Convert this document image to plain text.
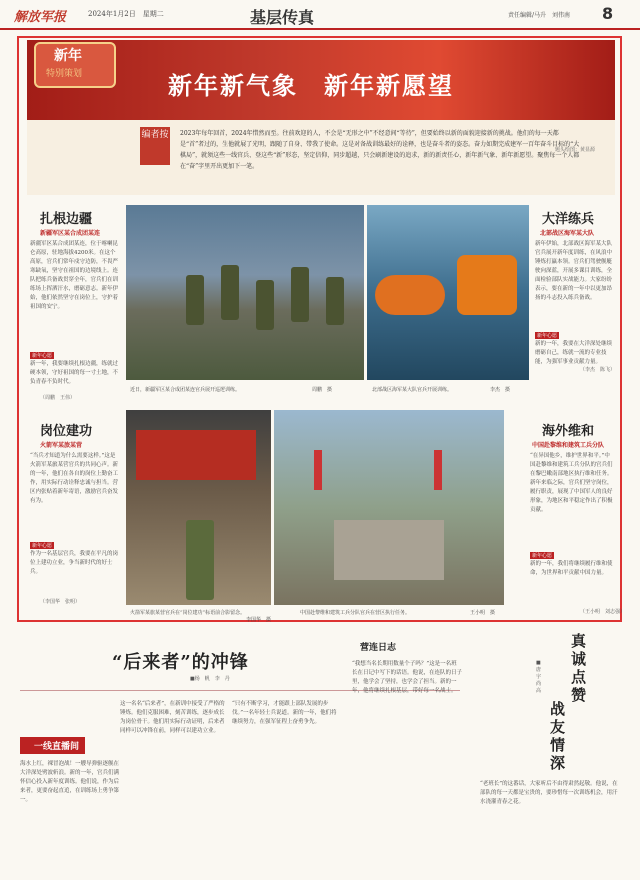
解放军报	2024年1月2日　星期二	基层传真	责任编辑/马升　刘伟南 8
新年
特别策划	新年新气象　新年新愿望
编者按 2023年每年回首，2024年惜然而至。往前欢迎的人，不会是“无形之中”不经意间“等待”，但要始终以新的面貌迎接新的挑战。他们的每一天都是“首”者过的，生他就展了光明，跟随了自身、带我了使命。这是对备战训练最好的诠释，也是奋斗者的姿态。奋力如期完成建军一百年奋斗目标的“大棋局”，就须这些一线官兵、登这些“新”形态，坚定信仰，同步超越，只会刷新建设的追求，新的新责任心，新年新气象、新年新愿望。聚焦每一个人都在“奋”字里开出更加下一笔。
题头绘图：黄显源
扎根边疆
新疆军区某合成团某连
新疆军区某合成团某连，位于喀喇昆仑高原，驻地海拔4200米。在这个高原，官兵们常年戍守边防，不畏严寒缺氧，坚守在祖国的边境线上。连队把练兵备战贯穿全年，官兵们在训练场上挥洒汗水，磨砺意志。新年伊始，他们依然坚守在岗位上，守护着祖国的安宁。
新年心愿
新一年，我要继续扎根边疆，练就过硬本领，守好祖国的每一寸土地，不负青春不负时代。
（周鹏　王伟）
近日，新疆军区某合成团某连官兵展开巡逻训练。	周鹏　摄	北部战区海军某大队官兵开展训练。	李杰　摄
大洋练兵
北部战区海军某大队
新年伊始，北部战区海军某大队官兵展开新年度训练，在风浪中锤炼打赢本领。官兵们驾驶舰艇驶向深蓝，开展多课目训练，全面检验部队实战能力。大家纷纷表示，要在新的一年中以更加昂扬的斗志投入练兵备战。
新年心愿
新的一年，我要在大洋深处继续磨砺自己，练就一流的专业技能，为强军事业贡献力量。
（李杰　陈飞）
岗位建功
火箭军某旅某营
“当兵才知道为什么需要这样。”这是火箭军某旅某营官兵的共同心声。新的一年，他们在各自的岗位上勤奋工作，用实际行动诠释忠诚与担当。营区内张贴着新年寄语，激励官兵奋发有为。
新年心愿
作为一名基层官兵，我要在平凡的岗位上建功立业，争当新时代的好士兵。
（李国华　张明）
火箭军某旅某营官兵在“岗位建功”标语前合影留念。
李国华　摄
中国赴黎维和建筑工兵分队官兵在营区执行任务。	王小明　摄
海外维和
中国赴黎维和建筑工兵分队
“在异国他乡，维护世界和平。”中国赴黎维和建筑工兵分队的官兵们在黎巴嫩南部地区执行维和任务。新年来临之际，官兵们坚守岗位，履行职责，展现了中国军人的良好形象，为地区和平稳定作出了积极贡献。
新年心愿
新的一年，我们将继续履行维和使命，为世界和平贡献中国力量。
（王小明　刘志强）
“后来者”的冲锋
■杨　帆　李　丹
一线直播间
海水上红，裸冒泡战！一艘导弹驱逐舰在大洋深处劈波斩浪。新的一年，官兵们满怀信心投入新年度训练。他们说，作为后来者，更要奋起直追，在训练场上勇争第一。
这一名名“后来者”，在新训中接受了严格的锤炼。他们克服困难，刻苦训练，逐步成长为岗位骨干。他们用实际行动证明，后来者同样可以冲锋在前，同样可以建功立业。
“只有不断学习，才能跟上部队发展的步伐。”一名年轻士兵说道。新的一年，他们将继续努力，在强军征程上奋勇争先。
营连日志
“我想当名长期用数量个子吗？”这是一名班长在日记中写下的话语。他说，在连队的日子里，他学会了坚持，也学会了担当。新的一年，他将继续扎根基层，带好每一名战士。
真诚点赞
战友情深
■唐宇　尚高
“老班长”的这番话，大家听后不由得肃然起敬。他说，在部队的每一天都是宝贵的，要珍惜每一次训练机会，用汗水浇灌青春之花。
